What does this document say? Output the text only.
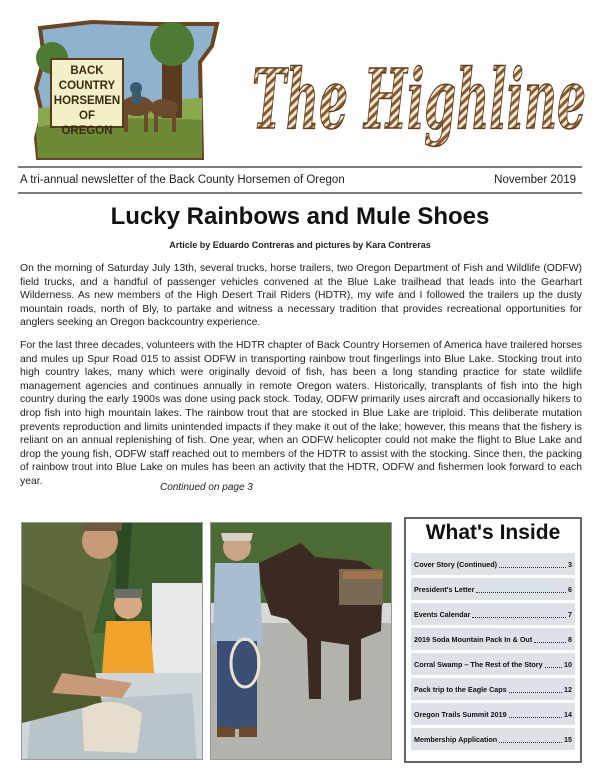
BACK
COUNTRY
HORSEMEN
OF OREGON The Highline
A tri-annual newsletter of the Back County Horsemen of Oregon	November 2019
Lucky Rainbows and Mule Shoes
Article by Eduardo Contreras and pictures by Kara Contreras
On the morning of Saturday July 13th, several trucks, horse trailers, two Oregon Department of Fish and Wildlife (ODFW) field trucks, and a handful of passenger vehicles convened at the Blue Lake trailhead that leads into the Gearhart Wilderness. As new members of the High Desert Trail Riders (HDTR), my wife and I followed the trailers up the dusty mountain roads, north of Bly, to partake and witness a necessary tradition that provides recreational opportunities for anglers seeking an Oregon backcountry experience.
For the last three decades, volunteers with the HDTR chapter of Back Country Horsemen of America have trailered horses and mules up Spur Road 015 to assist ODFW in transporting rainbow trout fingerlings into Blue Lake. Stocking trout into high country lakes, many which were originally devoid of fish, has been a long standing practice for state wildlife management agencies and continues annually in remote Oregon waters. Historically, transplants of fish into the high country during the early 1900s was done using pack stock. Today, ODFW primarily uses aircraft and occasionally hikers to drop fish into high mountain lakes. The rainbow trout that are stocked in Blue Lake are triploid. This deliberate mutation prevents reproduction and limits unintended impacts if they make it out of the lake; however, this means that the fishery is reliant on an annual replenishing of fish. One year, when an ODFW helicopter could not make the flight to Blue Lake and drop the young fish, ODFW staff reached out to members of the HDTR to assist with the stocking. Since then, the packing of rainbow trout into Blue Lake on mules has been an activity that the HDTR, ODFW and fishermen look forward to each year.
Continued on page 3
What's Inside
Cover Story (Continued)	3
President's Letter	6
Events Calendar	7
2019 Soda Mountain Pack In & Out	8
Corral Swamp – The Rest of the Story	10
Pack trip to the Eagle Caps	12
Oregon Trails Summit 2019	14
Membership Application	15
